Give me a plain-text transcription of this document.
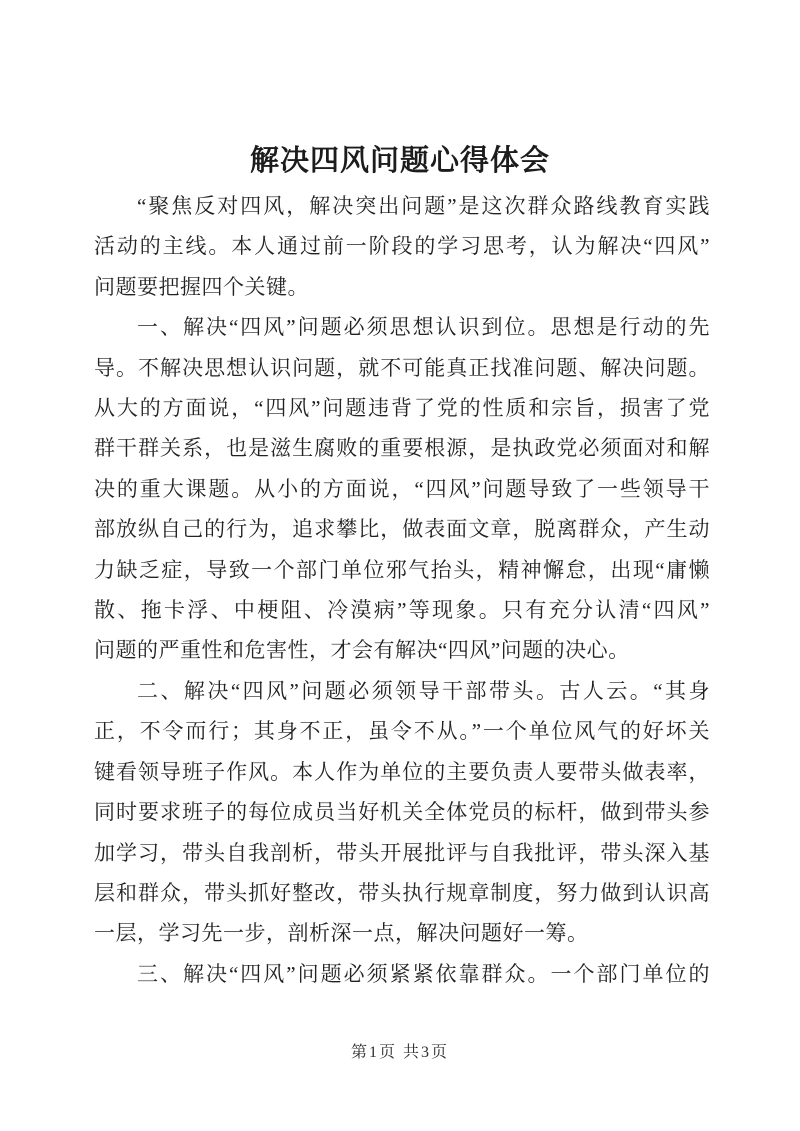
解决四风问题心得体会
“聚焦反对四风，解决突出问题”是这次群众路线教育实践
活动的主线。本人通过前一阶段的学习思考，认为解决“四风”
问题要把握四个关键。
一、解决“四风”问题必须思想认识到位。思想是行动的先
导。不解决思想认识问题，就不可能真正找准问题、解决问题。
从大的方面说，“四风”问题违背了党的性质和宗旨，损害了党
群干群关系，也是滋生腐败的重要根源，是执政党必须面对和解
决的重大课题。从小的方面说，“四风”问题导致了一些领导干
部放纵自己的行为，追求攀比，做表面文章，脱离群众，产生动
力缺乏症，导致一个部门单位邪气抬头，精神懈怠，出现“庸懒
散、拖卡浮、中梗阻、冷漠病”等现象。只有充分认清“四风”
问题的严重性和危害性，才会有解决“四风”问题的决心。
二、解决“四风”问题必须领导干部带头。古人云。“其身
正，不令而行；其身不正，虽令不从。”一个单位风气的好坏关
键看领导班子作风。本人作为单位的主要负责人要带头做表率，
同时要求班子的每位成员当好机关全体党员的标杆，做到带头参
加学习，带头自我剖析，带头开展批评与自我批评，带头深入基
层和群众，带头抓好整改，带头执行规章制度，努力做到认识高
一层，学习先一步，剖析深一点，解决问题好一筹。
三、解决“四风”问题必须紧紧依靠群众。一个部门单位的
第1页 共3页
